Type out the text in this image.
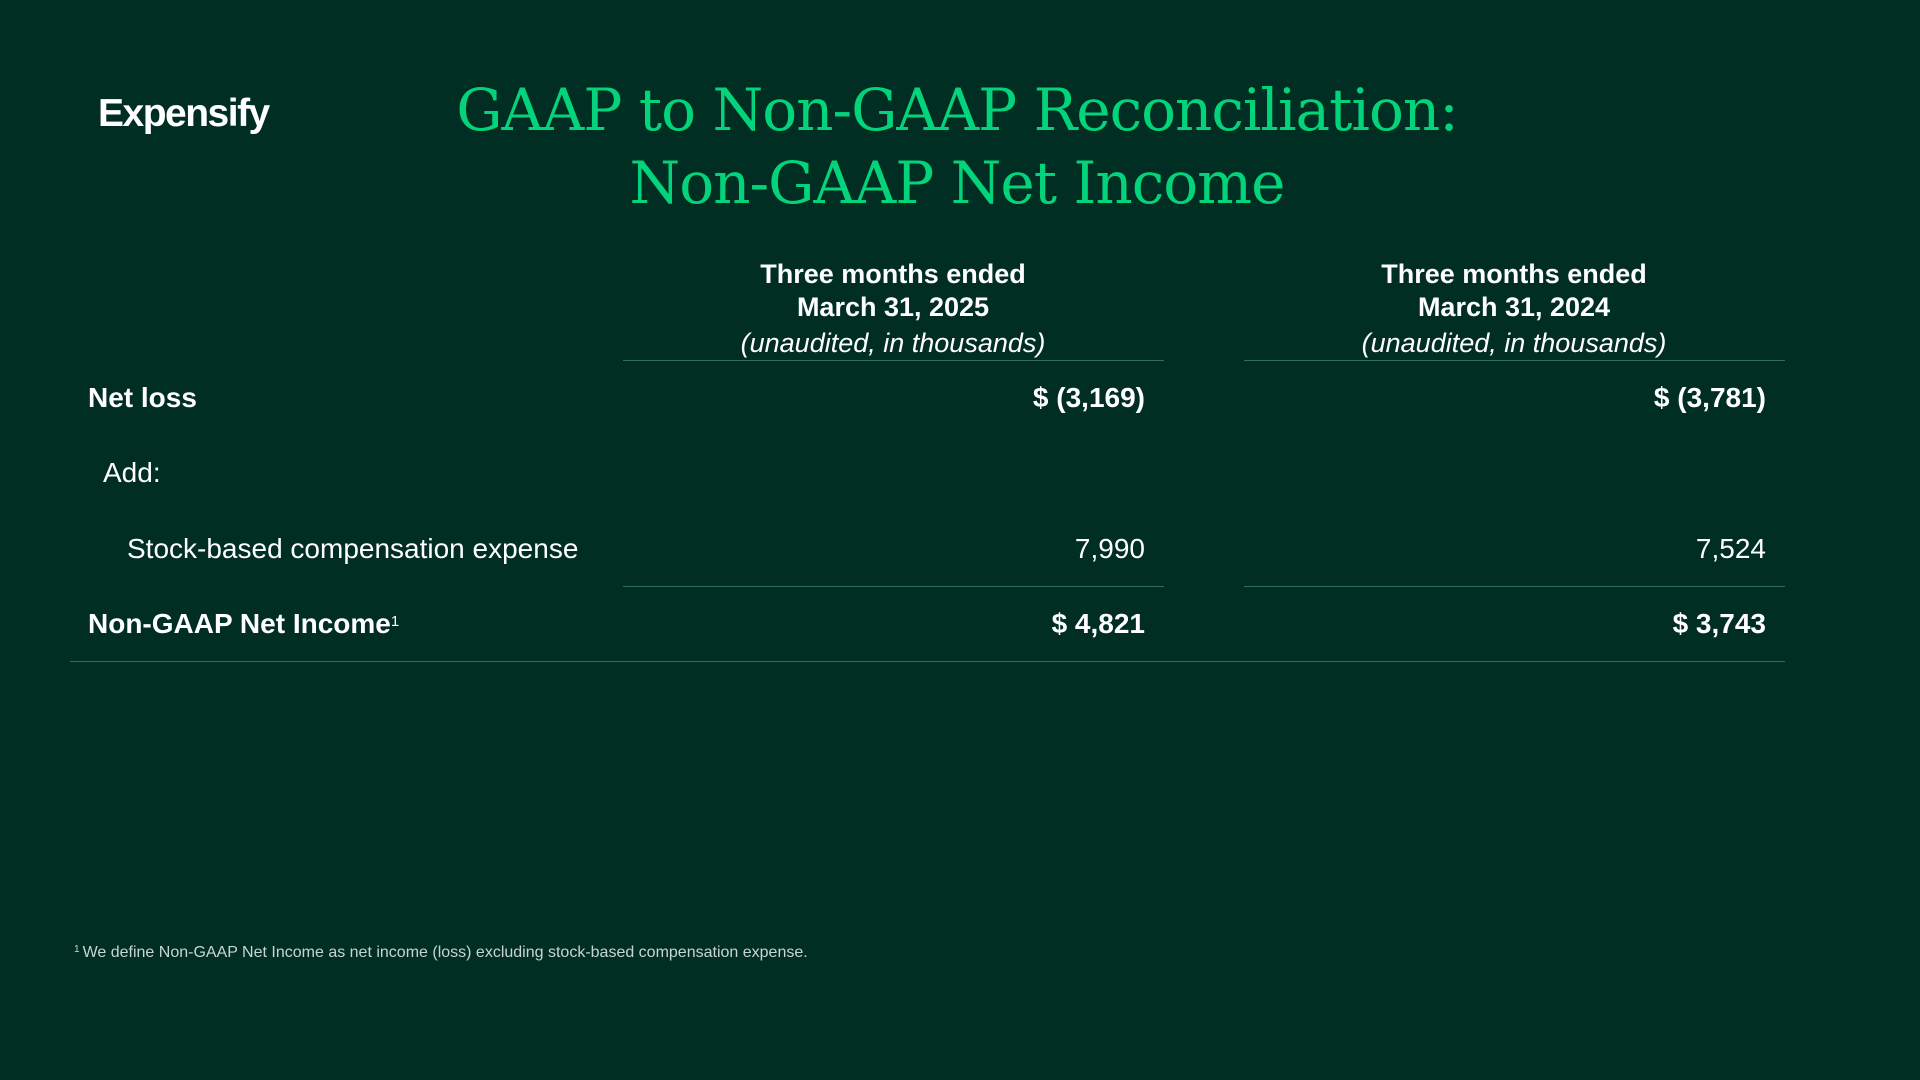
Expensify	GAAP to Non-GAAP Reconciliation:
Non-GAAP Net Income
Three months ended
March 31, 2025
(unaudited, in thousands)
Three months ended
March 31, 2024
(unaudited, in thousands)
Net loss	$ (3,169)	$ (3,781)
Add:
Stock-based compensation expense	7,990	7,524
Non-GAAP Net Income$^1$	$ 4,821	$ 3,743
$^1$ We define Non-GAAP Net Income as net income (loss) excluding stock-based compensation expense.
